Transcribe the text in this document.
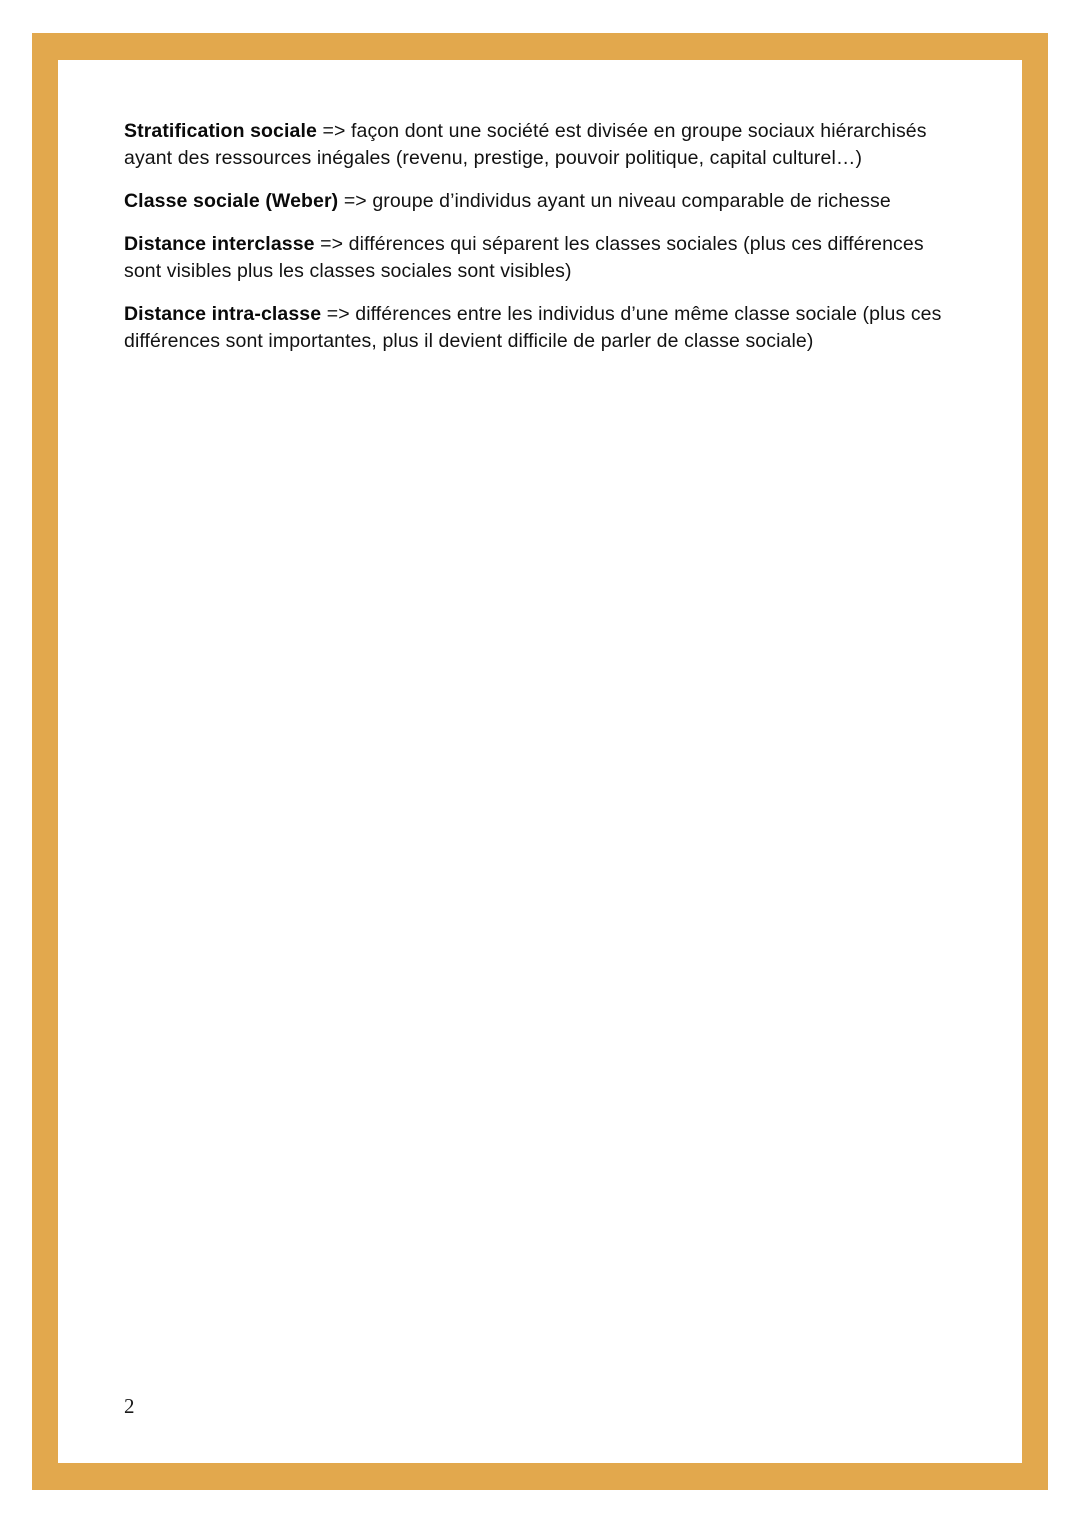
Stratification sociale => façon dont une société est divisée en groupe sociaux hiérarchisés ayant des ressources inégales (revenu, prestige, pouvoir politique, capital culturel…)

Classe sociale (Weber) => groupe d’individus ayant un niveau comparable de richesse

Distance interclasse => différences qui séparent les classes sociales (plus ces différences sont visibles plus les classes sociales sont visibles)

Distance intra-classe => différences entre les individus d’une même classe sociale (plus ces différences sont importantes, plus il devient difficile de parler de classe sociale)

2
